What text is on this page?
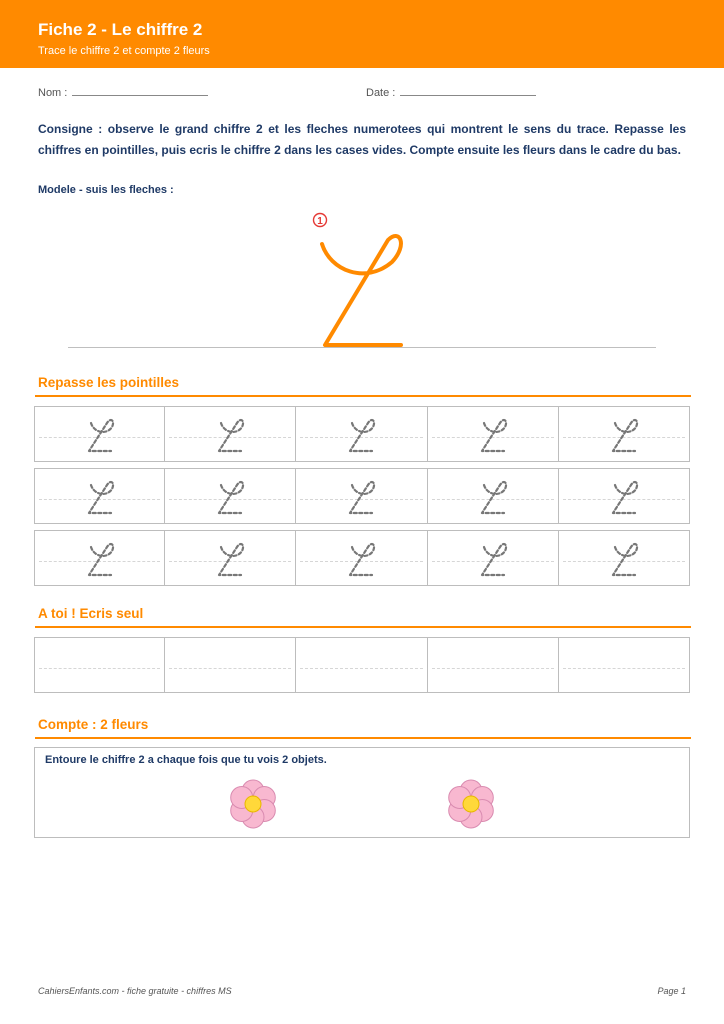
Fiche 2 - Le chiffre 2
Trace le chiffre 2 et compte 2 fleurs
Nom :	Date :
Consigne : observe le grand chiffre 2 et les fleches numerotees qui montrent le sens du trace. Repasse les chiffres en pointilles, puis ecris le chiffre 2 dans les cases vides. Compte ensuite les fleurs dans le cadre du bas.
Modele - suis les fleches :
1
Repasse les pointilles
A toi ! Ecris seul
Compte : 2 fleurs
Entoure le chiffre 2 a chaque fois que tu vois 2 objets.
CahiersEnfants.com - fiche gratuite - chiffres MS	Page 1
